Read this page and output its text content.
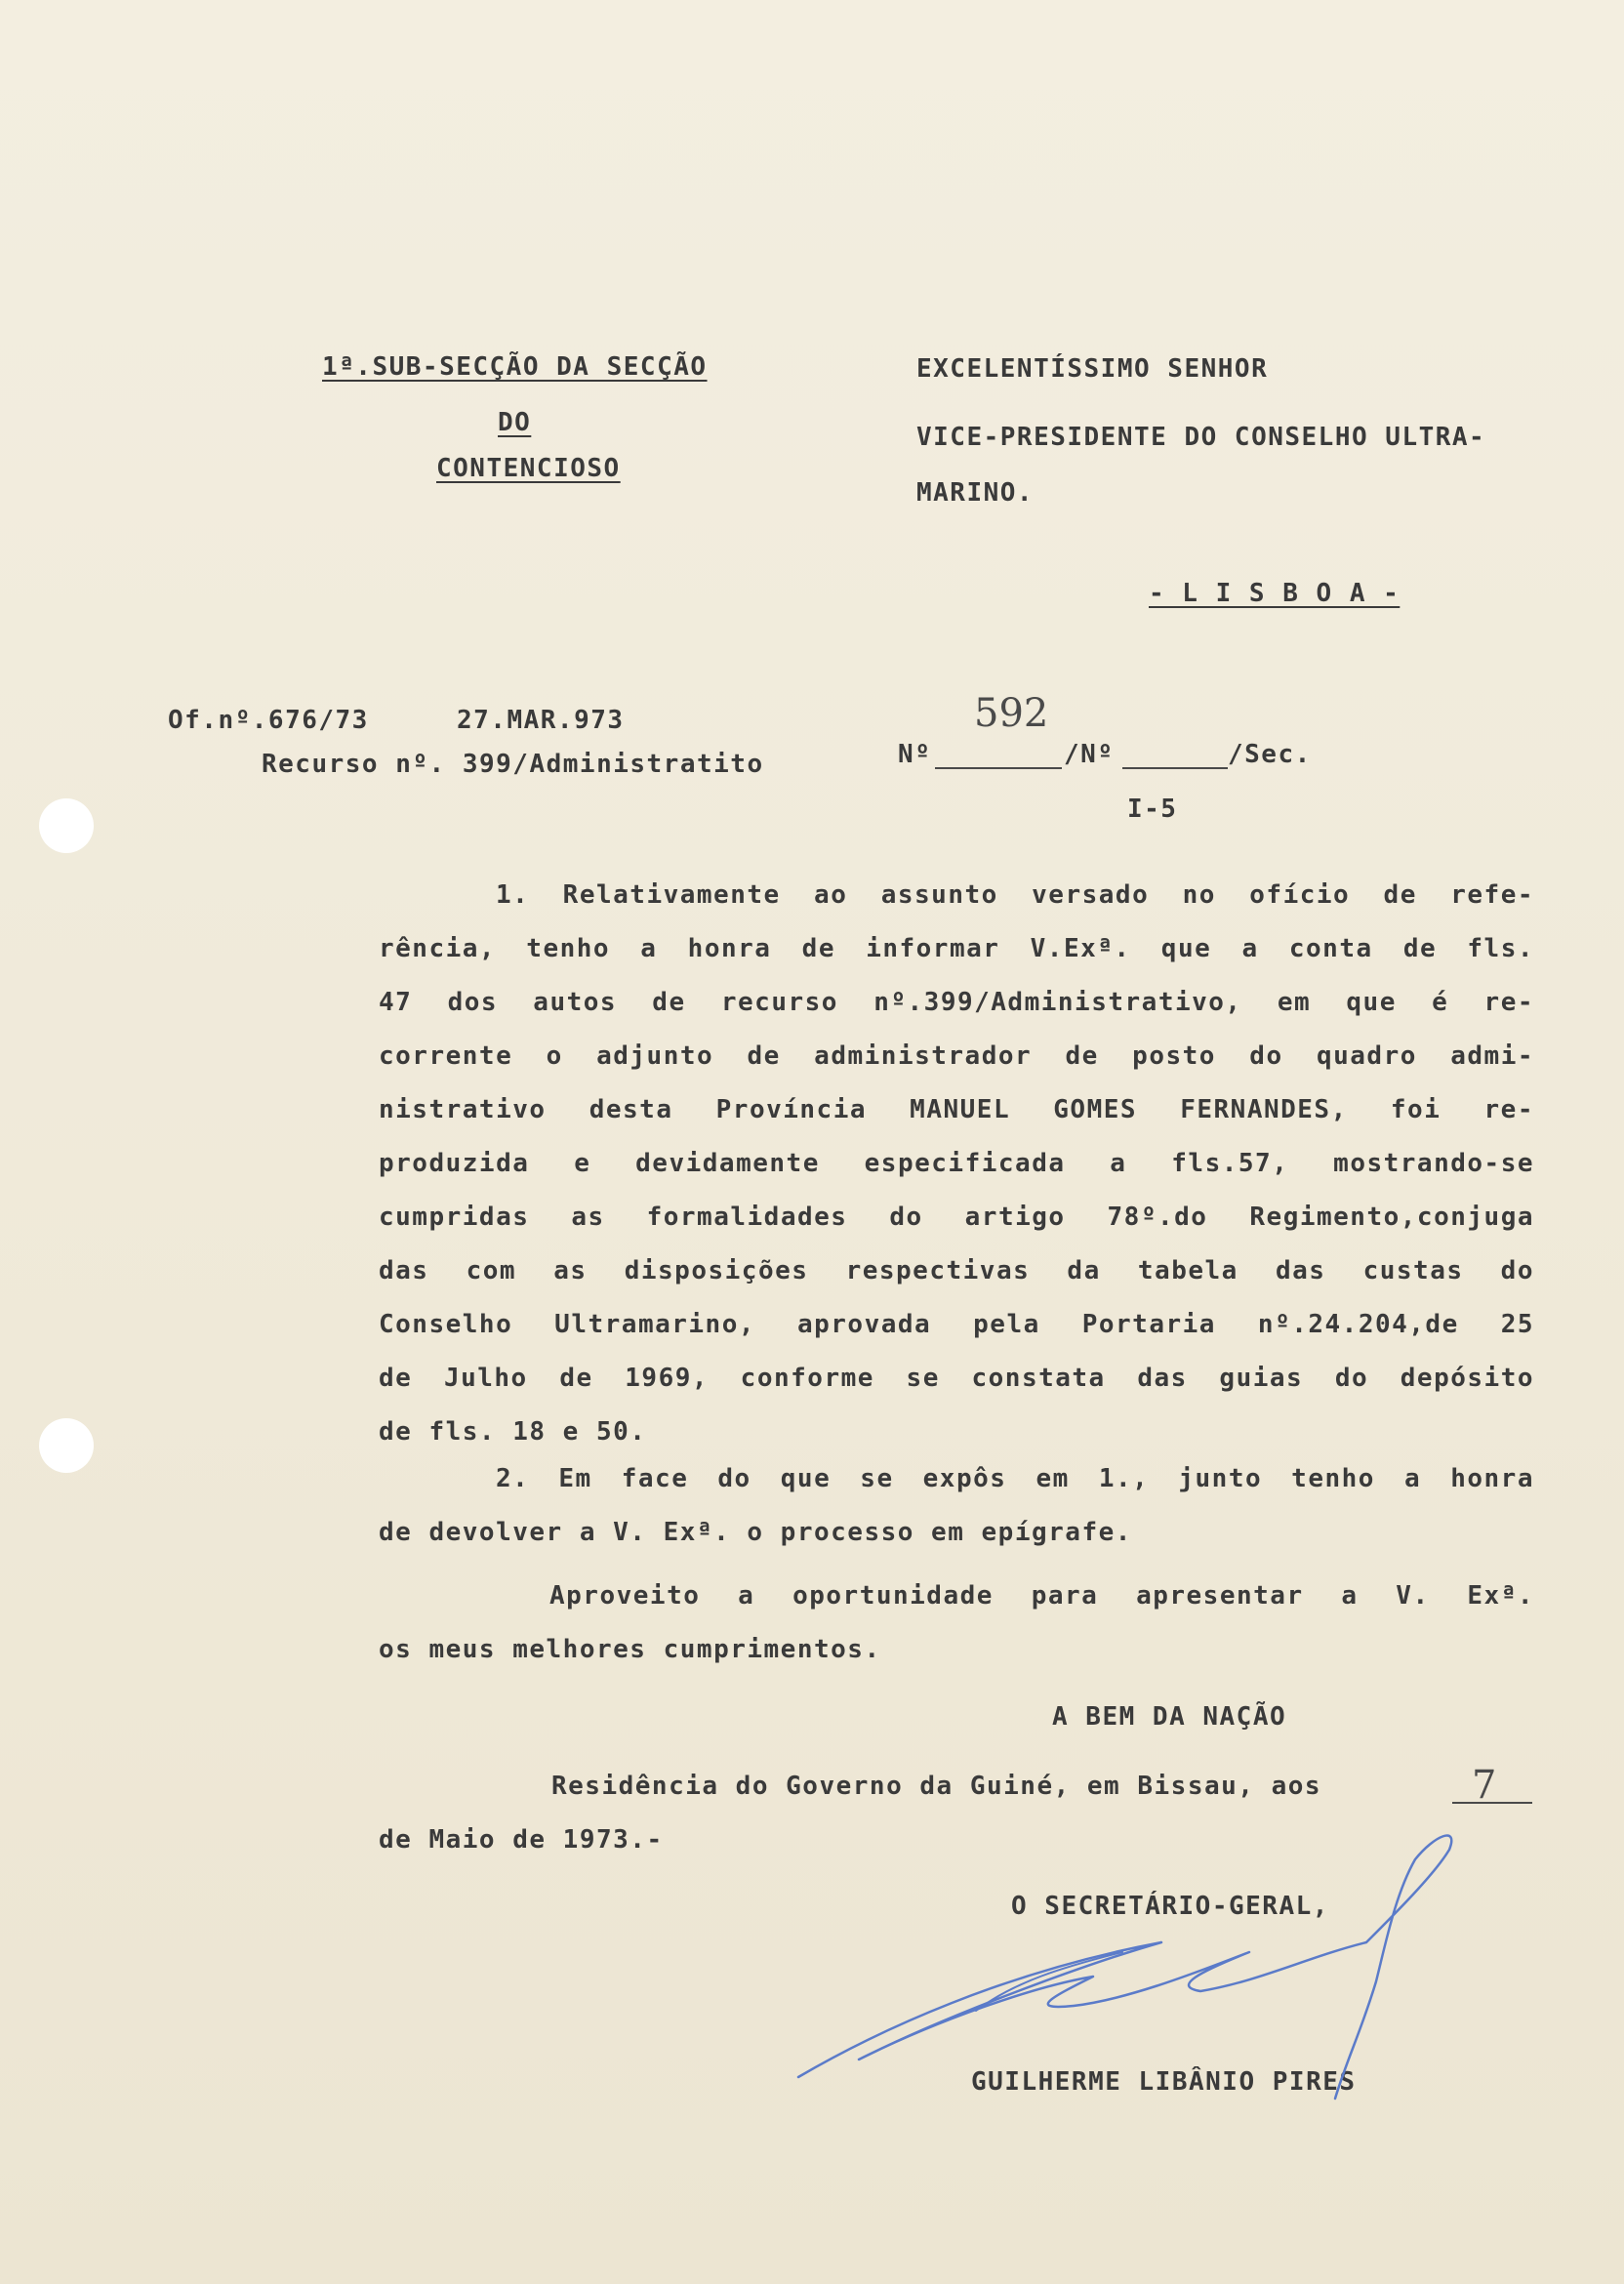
1ª.SUB-SECÇÃO DA SECÇÃO
DO
CONTENCIOSO
EXCELENTÍSSIMO SENHOR
VICE-PRESIDENTE DO CONSELHO ULTRA-
MARINO.
- L I S B O A -
Of.nº.676/73	27.MAR.973
Recurso nº. 399/Administratito	Nº
592
/Nº	/Sec.
I-5
1. Relativamente ao assunto versado no ofício de refe-
rência, tenho a honra de informar V.Exª. que a conta de fls.
47 dos autos de recurso nº.399/Administrativo, em que é re-
corrente o adjunto de administrador de posto do quadro admi-
nistrativo desta Província MANUEL GOMES FERNANDES, foi re-
produzida e devidamente especificada a fls.57, mostrando-se
cumpridas as formalidades do artigo 78º.do Regimento,conjuga
das com as disposições respectivas da tabela das custas do
Conselho Ultramarino, aprovada pela Portaria nº.24.204,de 25
de Julho de 1969, conforme se constata das guias do depósito
de fls. 18 e 50.
2. Em face do que se expôs em 1., junto tenho a honra
de devolver a V. Exª. o processo em epígrafe.
Aproveito a oportunidade para apresentar a V. Exª.
os meus melhores cumprimentos.
A BEM DA NAÇÃO
Residência do Governo da Guiné, em Bissau, aos	7
de Maio de 1973.-
O SECRETÁRIO-GERAL,
GUILHERME LIBÂNIO PIRES
